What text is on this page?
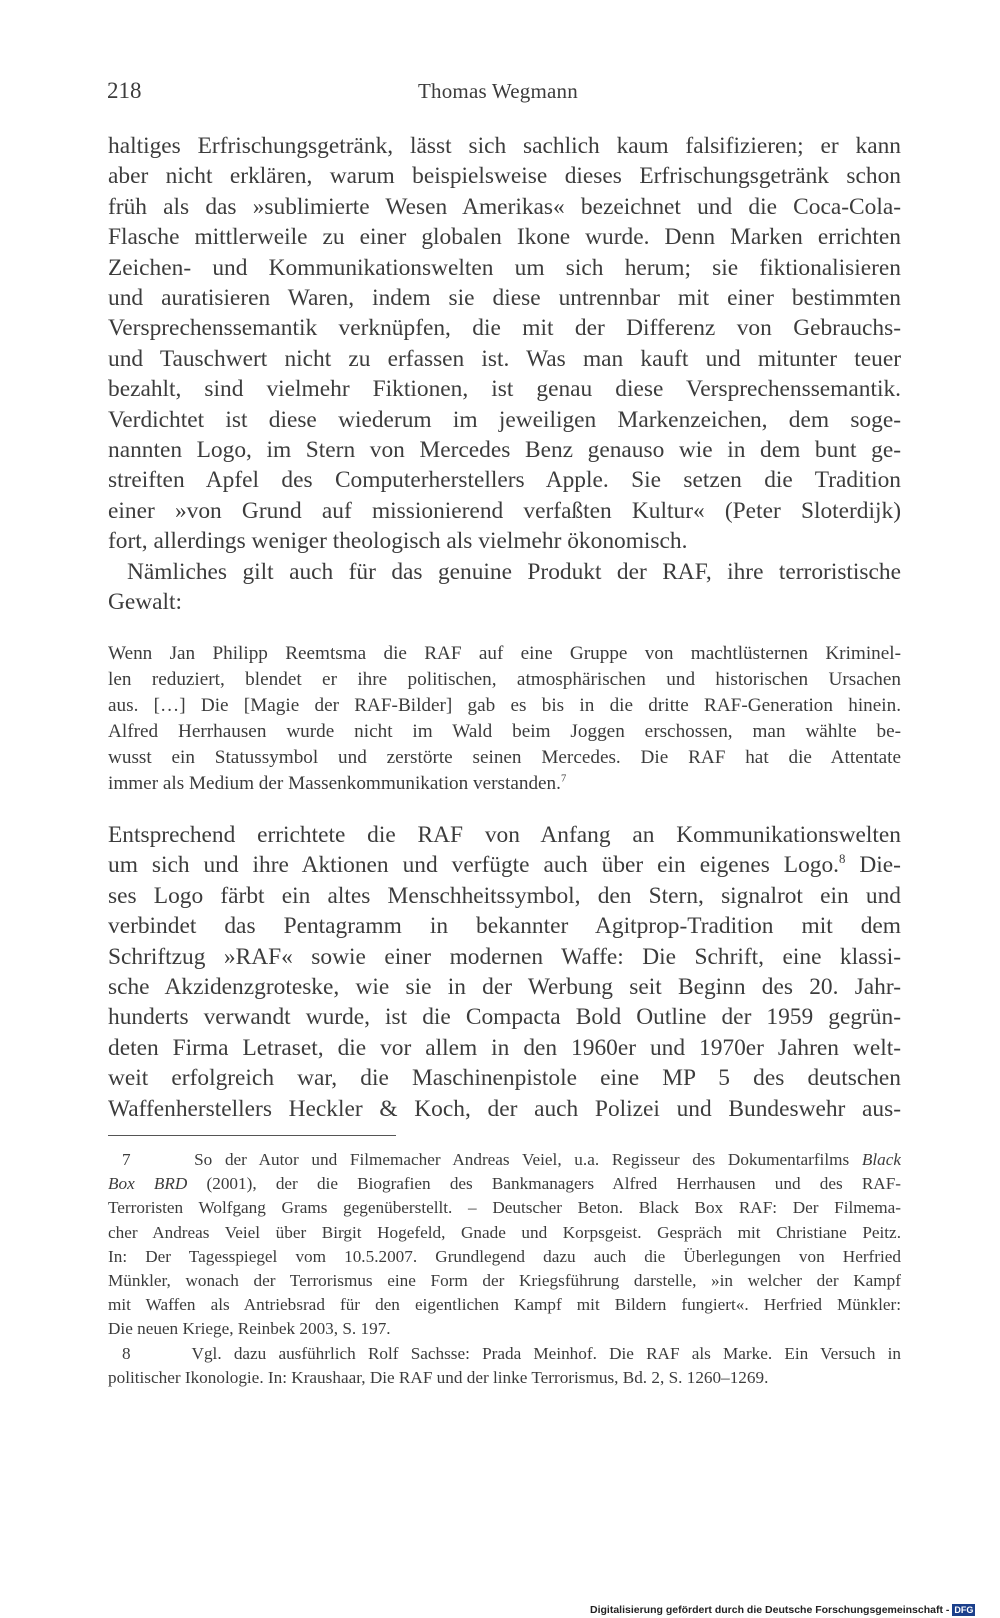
218	Thomas Wegmann
haltiges Erfrischungsgetränk, lässt sich sachlich kaum falsifizieren; er kann
aber nicht erklären, warum beispielsweise dieses Erfrischungsgetränk schon
früh als das »sublimierte Wesen Amerikas« bezeichnet und die Coca-Cola-
Flasche mittlerweile zu einer globalen Ikone wurde. Denn Marken errichten
Zeichen- und Kommunikationswelten um sich herum; sie fiktionalisieren
und auratisieren Waren, indem sie diese untrennbar mit einer bestimmten
Versprechenssemantik verknüpfen, die mit der Differenz von Gebrauchs-
und Tauschwert nicht zu erfassen ist. Was man kauft und mitunter teuer
bezahlt, sind vielmehr Fiktionen, ist genau diese Versprechenssemantik.
Verdichtet ist diese wiederum im jeweiligen Markenzeichen, dem soge-
nannten Logo, im Stern von Mercedes Benz genauso wie in dem bunt ge-
streiften Apfel des Computerherstellers Apple. Sie setzen die Tradition
einer »von Grund auf missionierend verfaßten Kultur« (Peter Sloterdijk)
fort, allerdings weniger theologisch als vielmehr ökonomisch.
Nämliches gilt auch für das genuine Produkt der RAF, ihre terroristische
Gewalt:
Wenn Jan Philipp Reemtsma die RAF auf eine Gruppe von machtlüsternen Kriminel-
len reduziert, blendet er ihre politischen, atmosphärischen und historischen Ursachen
aus. […] Die [Magie der RAF-Bilder] gab es bis in die dritte RAF-Generation hinein.
Alfred Herrhausen wurde nicht im Wald beim Joggen erschossen, man wählte be-
wusst ein Statussymbol und zerstörte seinen Mercedes. Die RAF hat die Attentate
immer als Medium der Massenkommunikation verstanden.$^7$
Entsprechend errichtete die RAF von Anfang an Kommunikationswelten
um sich und ihre Aktionen und verfügte auch über ein eigenes Logo.$^8$ Die-
ses Logo färbt ein altes Menschheitssymbol, den Stern, signalrot ein und
verbindet das Pentagramm in bekannter Agitprop-Tradition mit dem
Schriftzug »RAF« sowie einer modernen Waffe: Die Schrift, eine klassi-
sche Akzidenzgroteske, wie sie in der Werbung seit Beginn des 20. Jahr-
hunderts verwandt wurde, ist die Compacta Bold Outline der 1959 gegrün-
deten Firma Letraset, die vor allem in den 1960er und 1970er Jahren welt-
weit erfolgreich war, die Maschinenpistole eine MP 5 des deutschen
Waffenherstellers Heckler & Koch, der auch Polizei und Bundeswehr aus-
7	So der Autor und Filmemacher Andreas Veiel, u.a. Regisseur des Dokumentarfilms Black
Box BRD (2001), der die Biografien des Bankmanagers Alfred Herrhausen und des RAF-
Terroristen Wolfgang Grams gegenüberstellt. – Deutscher Beton. Black Box RAF: Der Filmema-
cher Andreas Veiel über Birgit Hogefeld, Gnade und Korpsgeist. Gespräch mit Christiane Peitz.
In: Der Tagesspiegel vom 10.5.2007. Grundlegend dazu auch die Überlegungen von Herfried
Münkler, wonach der Terrorismus eine Form der Kriegsführung darstelle, »in welcher der Kampf
mit Waffen als Antriebsrad für den eigentlichen Kampf mit Bildern fungiert«. Herfried Münkler:
Die neuen Kriege, Reinbek 2003, S. 197.
8	Vgl. dazu ausführlich Rolf Sachsse: Prada Meinhof. Die RAF als Marke. Ein Versuch in
politischer Ikonologie. In: Kraushaar, Die RAF und der linke Terrorismus, Bd. 2, S. 1260–1269.
Digitalisierung gefördert durch die Deutsche Forschungsgemeinschaft - DFG
